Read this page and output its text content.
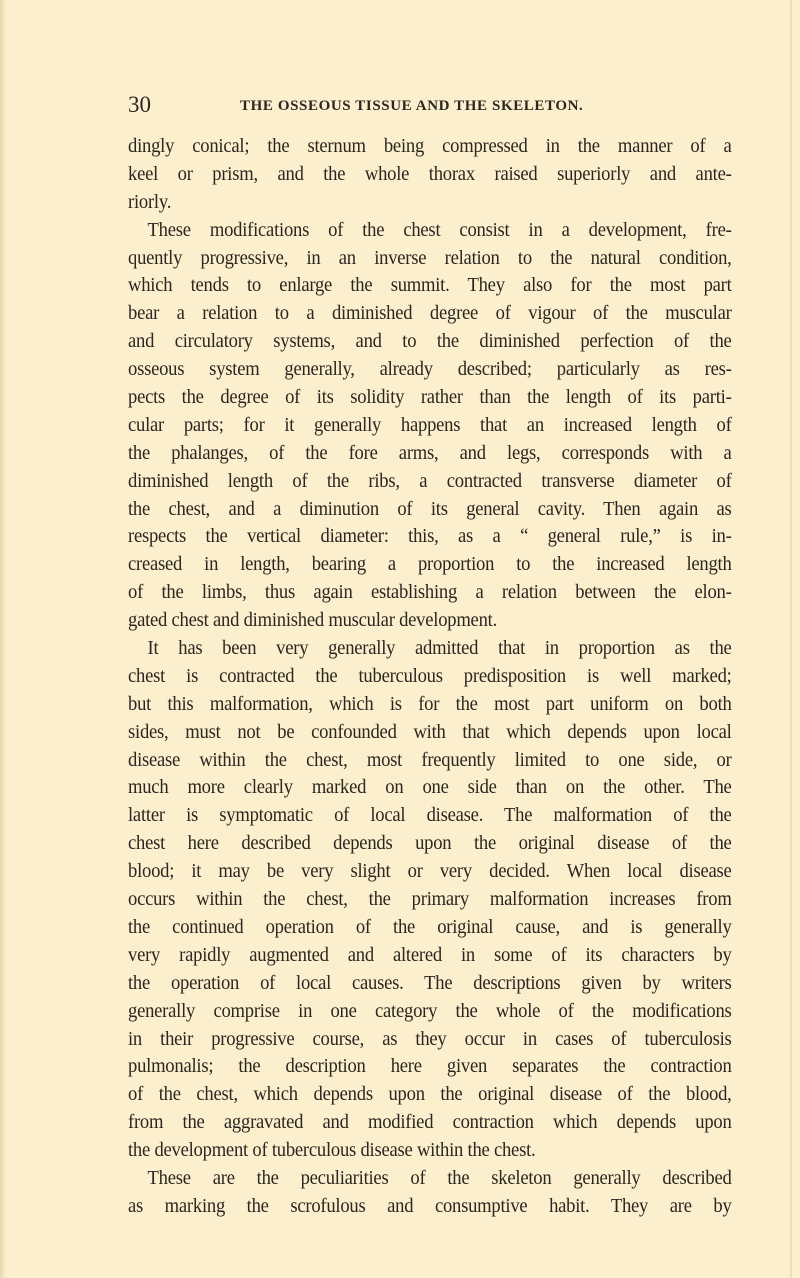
30	THE OSSEOUS TISSUE AND THE SKELETON.
dingly conical; the sternum being compressed in the manner of a
keel or prism, and the whole thorax raised superiorly and ante-
riorly.
These modifications of the chest consist in a development, fre-
quently progressive, in an inverse relation to the natural condition,
which tends to enlarge the summit. They also for the most part
bear a relation to a diminished degree of vigour of the muscular
and circulatory systems, and to the diminished perfection of the
osseous system generally, already described; particularly as res-
pects the degree of its solidity rather than the length of its parti-
cular parts; for it generally happens that an increased length of
the phalanges, of the fore arms, and legs, corresponds with a
diminished length of the ribs, a contracted transverse diameter of
the chest, and a diminution of its general cavity. Then again as
respects the vertical diameter: this, as a “ general rule,” is in-
creased in length, bearing a proportion to the increased length
of the limbs, thus again establishing a relation between the elon-
gated chest and diminished muscular development.
It has been very generally admitted that in proportion as the
chest is contracted the tuberculous predisposition is well marked;
but this malformation, which is for the most part uniform on both
sides, must not be confounded with that which depends upon local
disease within the chest, most frequently limited to one side, or
much more clearly marked on one side than on the other. The
latter is symptomatic of local disease. The malformation of the
chest here described depends upon the original disease of the
blood; it may be very slight or very decided. When local disease
occurs within the chest, the primary malformation increases from
the continued operation of the original cause, and is generally
very rapidly augmented and altered in some of its characters by
the operation of local causes. The descriptions given by writers
generally comprise in one category the whole of the modifications
in their progressive course, as they occur in cases of tuberculosis
pulmonalis; the description here given separates the contraction
of the chest, which depends upon the original disease of the blood,
from the aggravated and modified contraction which depends upon
the development of tuberculous disease within the chest.
These are the peculiarities of the skeleton generally described
as marking the scrofulous and consumptive habit. They are by
